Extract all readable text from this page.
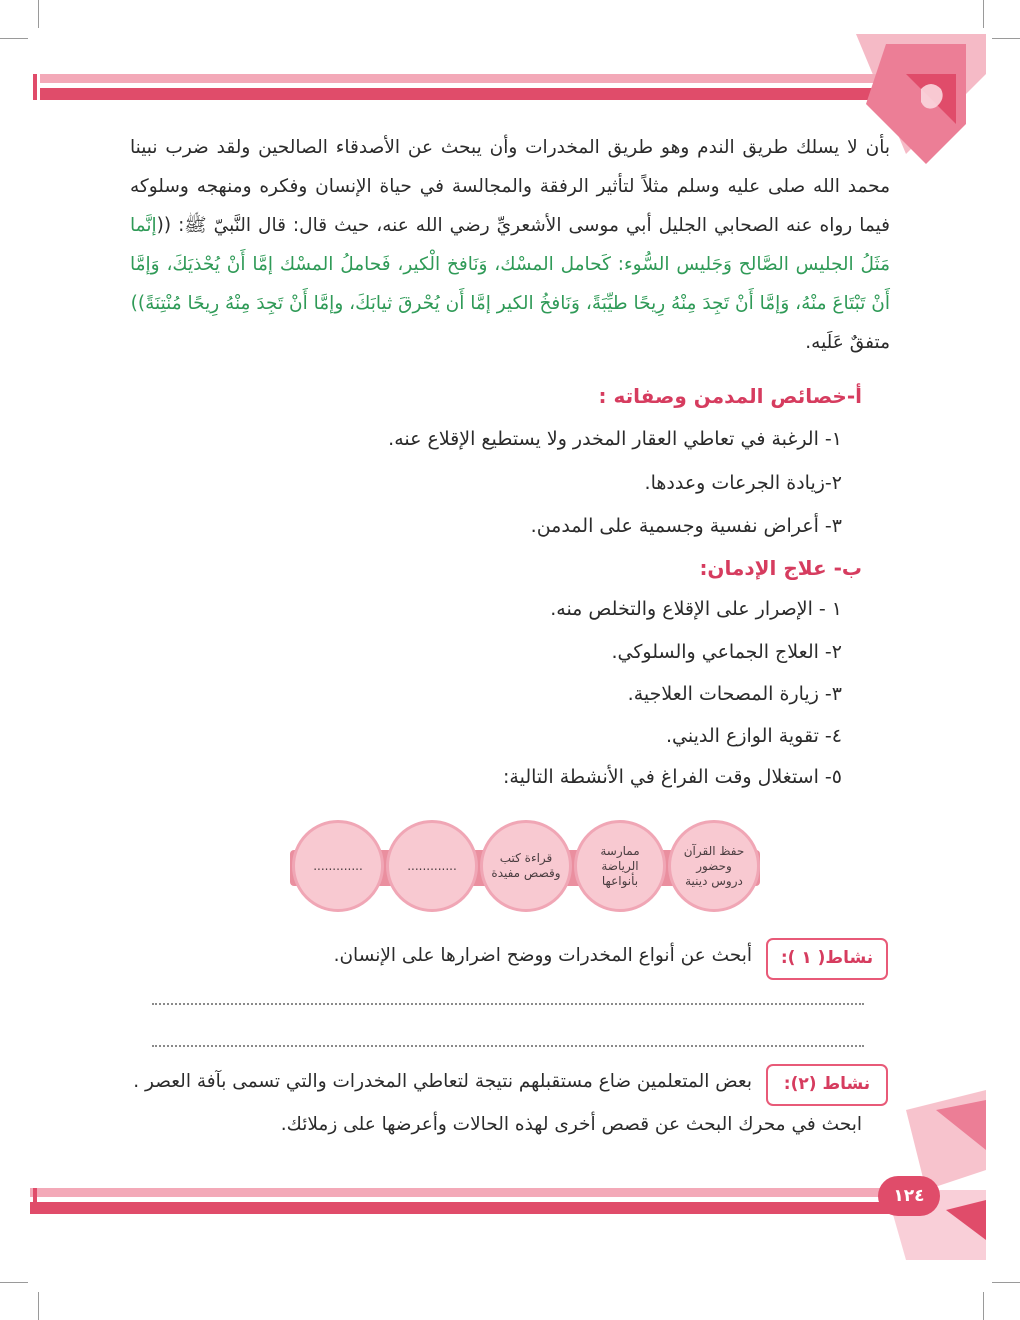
بأن لا يسلك طريق الندم وهو طريق المخدرات وأن يبحث عن الأصدقاء الصالحين ولقد ضرب نبينا محمد الله صلى عليه وسلم مثلاً لتأثير الرفقة والمجالسة في حياة الإنسان وفكره ومنهجه وسلوكه فيما رواه عنه الصحابي الجليل أبي موسى الأشعريِّ رضي الله عنه، حيث قال: قال النَّبيّ ﷺ: ((إنَّما مَثَلُ الجليس الصَّالح وَجَليس السُّوء: كَحامل المسْك، وَنَافخ الْكير، فَحاملُ المسْك إمَّا أَنْ يُحْذيَكَ، وَإمَّا أَنْ تَبْتَاعَ منْهُ، وَإمَّا أَنْ تَجِدَ مِنْهُ رِيحًا طيِّبَةً، وَنَافخُ الكير إمَّا أَن يُحْرقَ ثيابَكَ، وإمَّا أَنْ تَجِدَ مِنْهُ رِيحًا مُنْتِنَةً))
متفقٌ عَلَيه.
أ-خصائص المدمن وصفاته :
١- الرغبة في تعاطي العقار المخدر ولا يستطيع الإقلاع عنه.
٢-زيادة الجرعات وعددها.
٣- أعراض نفسية وجسمية على المدمن.
ب- علاج الإدمان:
١ - الإصرار على الإقلاع والتخلص منه.
٢- العلاج الجماعي والسلوكي.
٣- زيارة المصحات العلاجية.
٤- تقوية الوازع الديني.
٥- استغلال وقت الفراغ في الأنشطة التالية:
حفظ القرآن وحضور دروس دينية
ممارسة الرياضة بأنواعها
قراءة كتب وقصص مفيدة
.............
.............
نشاط( ١ ):
أبحث عن أنواع المخدرات ووضح اضرارها على الإنسان.
نشاط (٢):
بعض المتعلمين ضاع مستقبلهم نتيجة لتعاطي المخدرات والتي تسمى بآفة العصر .
ابحث في محرك البحث عن قصص أخرى لهذه الحالات وأعرضها على زملائك.
١٢٤
